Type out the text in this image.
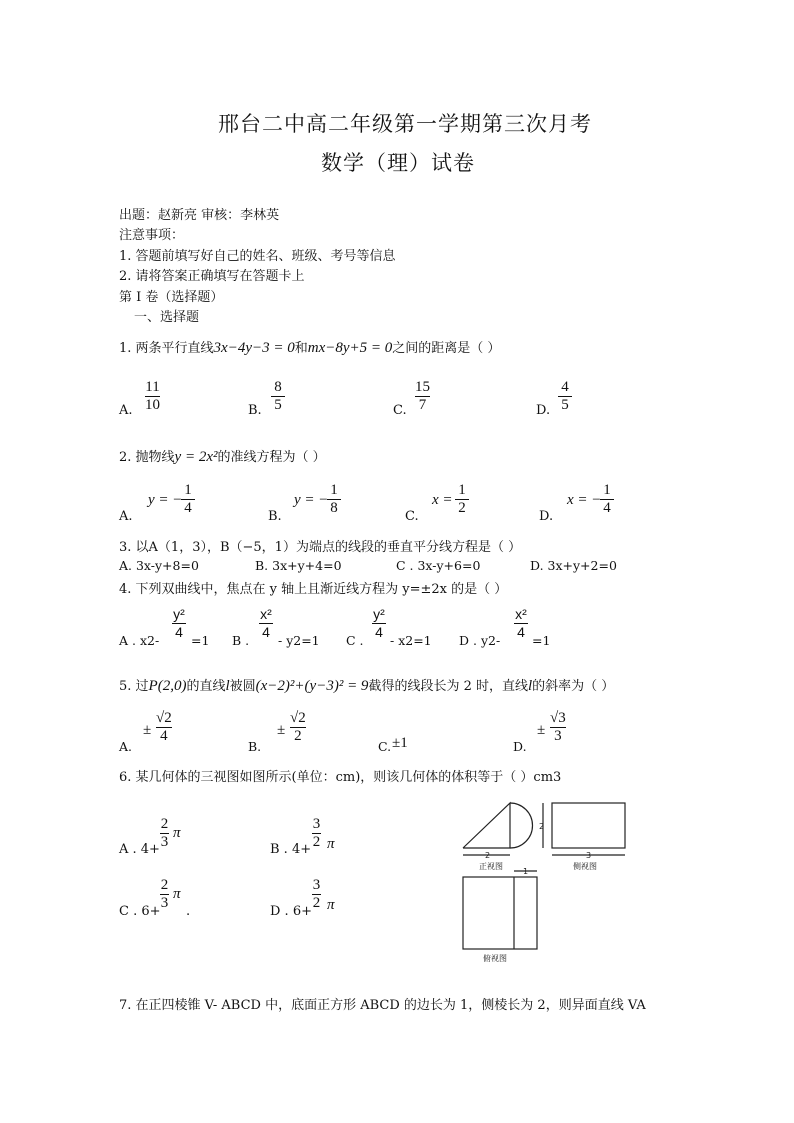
邢台二中高二年级第一学期第三次月考
数学（理）试卷
出题：赵新亮 审核：李林英
注意事项：
1. 答题前填写好自己的姓名、班级、考号等信息
2. 请将答案正确填写在答题卡上
第 I 卷（选择题）
一、选择题
1. 两条平行直线3x−4y−3 = 0和mx−8y+5 = 0之间的距离是（ ）
A.
11
10	B.
8
5	C.
15
7	D.
4
5
2. 抛物线y = 2x²的准线方程为（ ）
A.
y = −
1
4
B.
y = −
1
8
C.
x =
1
2
D.
x = −
1
4
3. 以A（1，3），B（−5，1）为端点的线段的垂直平分线方程是（ ）
A. 3x-y+8=0	B. 3x+y+4=0	C . 3x-y+6=0	D. 3x+y+2=0
4. 下列双曲线中，焦点在 y 轴上且渐近线方程为 y=±2x 的是（ ）
A . x2-
y²
4
=1 B .
x²
4
- y2=1 C .
y²
4
- x2=1 D . y2-
x²
4
=1
5. 过P(2,0)的直线l被圆(x−2)²+(y−3)² = 9截得的线段长为 2 时，直线l的斜率为（ ）
A.
±
√2
4
B.
±
√2
2
C. ±1	D.
±
√3
3
6. 某几何体的三视图如图所示(单位：cm)，则该几何体的体积等于（ ）cm3
A . 4+
2
3
π
B . 4+
3
2 π
C . 6+
2
3
π
.	D . 6+
3
2 π
2
2
3
1
正视图	侧视图
俯视图
7. 在正四棱锥 V- ABCD 中，底面正方形 ABCD 的边长为 1，侧棱长为 2，则异面直线 VA
